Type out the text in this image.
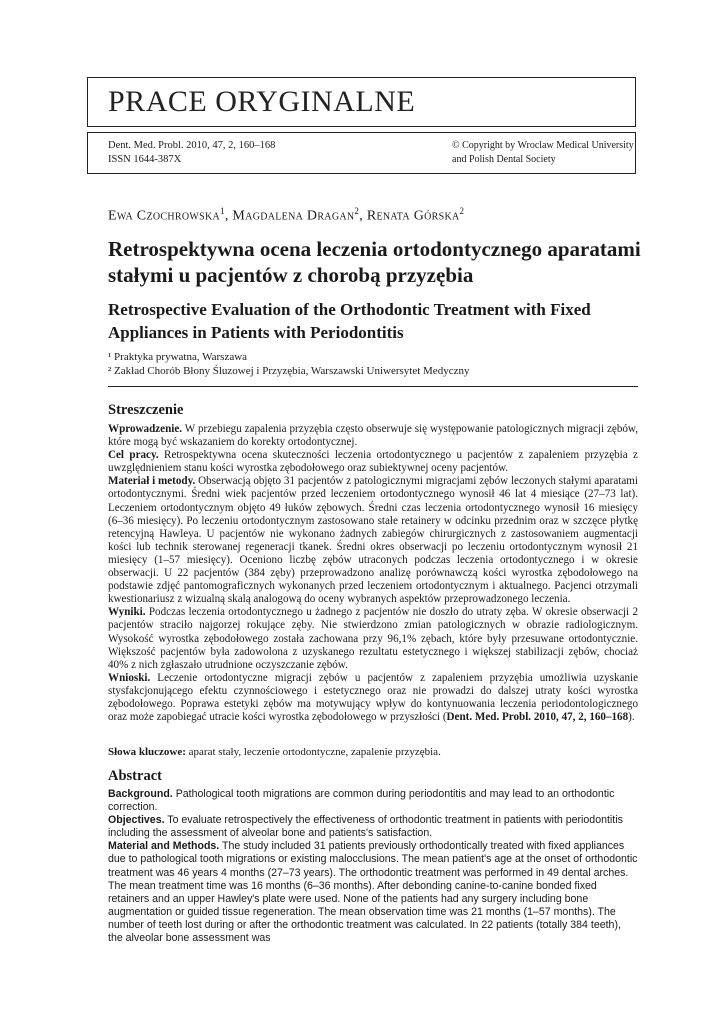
PRACE ORYGINALNE
Dent. Med. Probl. 2010, 47, 2, 160–168
ISSN 1644-387X
© Copyright by Wroclaw Medical University
and Polish Dental Society
Ewa Czochrowska$^1$, Magdalena Dragan$^2$, Renata Górska$^2$
Retrospektywna ocena leczenia ortodontycznego aparatami stałymi u pacjentów z chorobą przyzębia
Retrospective Evaluation of the Orthodontic Treatment with Fixed Appliances in Patients with Periodontitis
¹ Praktyka prywatna, Warszawa
² Zakład Chorób Błony Śluzowej i Przyzębia, Warszawski Uniwersytet Medyczny
Streszczenie

Wprowadzenie. W przebiegu zapalenia przyzębia często obserwuje się występowanie patologicznych migracji zębów, które mogą być wskazaniem do korekty ortodontycznej.

Cel pracy. Retrospektywna ocena skuteczności leczenia ortodontycznego u pacjentów z zapaleniem przyzębia z uwzględnieniem stanu kości wyrostka zębodołowego oraz subiektywnej oceny pacjentów.

Materiał i metody. Obserwacją objęto 31 pacjentów z patologicznymi migracjami zębów leczonych stałymi aparatami ortodontycznymi. Średni wiek pacjentów przed leczeniem ortodontycznego wynosił 46 lat 4 miesiące (27–73 lat). Leczeniem ortodontycznym objęto 49 łuków zębowych. Średni czas leczenia ortodontycznego wynosił 16 miesięcy (6–36 miesięcy). Po leczeniu ortodontycznym zastosowano stałe retainery w odcinku przednim oraz w szczęce płytkę retencyjną Hawleya. U pacjentów nie wykonano żadnych zabiegów chirurgicznych z zastosowaniem augmentacji kości lub technik sterowanej regeneracji tkanek. Średni okres obserwacji po leczeniu ortodontycznym wynosił 21 miesięcy (1–57 miesięcy). Oceniono liczbę zębów utraconych podczas leczenia ortodontycznego i w okresie obserwacji. U 22 pacjentów (384 zęby) przeprowadzono analizę porównawczą kości wyrostka zębodołowego na podstawie zdjęć pantomograficznych wykonanych przed leczeniem ortodontycznym i aktualnego. Pacjenci otrzymali kwestionariusz z wizualną skalą analogową do oceny wybranych aspektów przeprowadzonego leczenia.

Wyniki. Podczas leczenia ortodontycznego u żadnego z pacjentów nie doszło do utraty zęba. W okresie obserwacji 2 pacjentów straciło najgorzej rokujące zęby. Nie stwierdzono zmian patologicznych w obrazie radiologicznym. Wysokość wyrostka zębodołowego została zachowana przy 96,1% zębach, które były przesuwane ortodontycznie. Większość pacjentów była zadowolona z uzyskanego rezultatu estetycznego i większej stabilizacji zębów, chociaż 40% z nich zgłaszało utrudnione oczyszczanie zębów.

Wnioski. Leczenie ortodontyczne migracji zębów u pacjentów z zapaleniem przyzębia umożliwia uzyskanie stysfakcjonującego efektu czynnościowego i estetycznego oraz nie prowadzi do dalszej utraty kości wyrostka zębodołowego. Poprawa estetyki zębów ma motywujący wpływ do kontynuowania leczenia periodontologicznego oraz może zapobiegać utracie kości wyrostka zębodołowego w przyszłości (Dent. Med. Probl. 2010, 47, 2, 160–168).

Słowa kluczowe: aparat stały, leczenie ortodontyczne, zapalenie przyzębia.
Abstract

Background. Pathological tooth migrations are common during periodontitis and may lead to an orthodontic correction.

Objectives. To evaluate retrospectively the effectiveness of orthodontic treatment in patients with periodontitis including the assessment of alveolar bone and patients's satisfaction.

Material and Methods. The study included 31 patients previously orthodontically treated with fixed appliances due to pathological tooth migrations or existing malocclusions. The mean patient's age at the onset of orthodontic treatment was 46 years 4 months (27–73 years). The orthodontic treatment was performed in 49 dental arches. The mean treatment time was 16 months (6–36 months). After debonding canine-to-canine bonded fixed retainers and an upper Hawley's plate were used. None of the patients had any surgery including bone augmentation or guided tissue regeneration. The mean observation time was 21 months (1–57 months). The number of teeth lost during or after the orthodontic treatment was calculated. In 22 patients (totally 384 teeth), the alveolar bone assessment was
